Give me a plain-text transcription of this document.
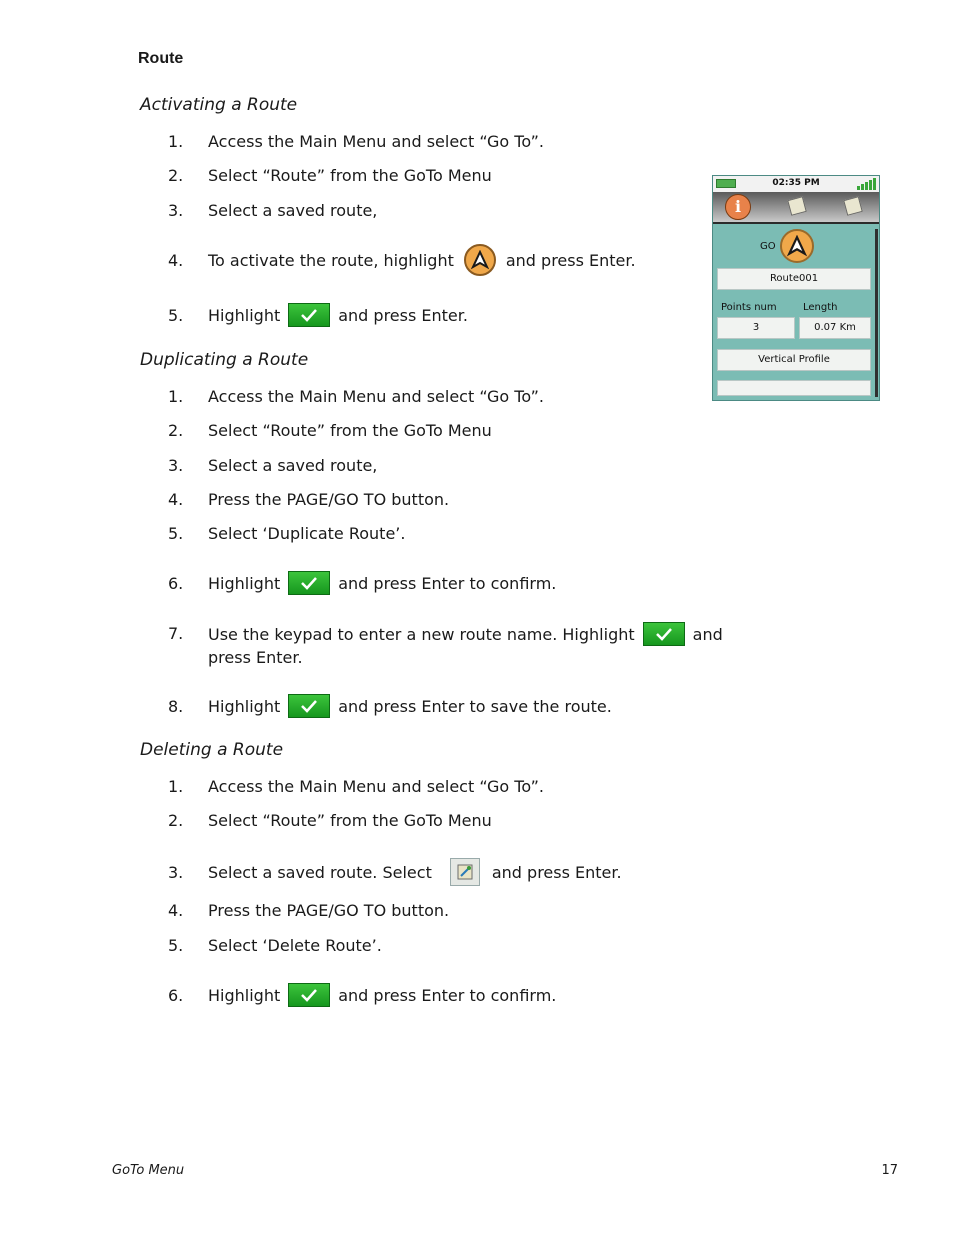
Route
Activating a Route
1.	Access the Main Menu and select “Go To”.
2.	Select “Route” from the GoTo Menu
3.	Select a saved route,
4.	To activate the route, highlight	and press Enter.
5.	Highlight	and press Enter.
Duplicating a Route
1.	Access the Main Menu and select “Go To”.
2.	Select “Route” from the GoTo Menu
3.	Select a saved route,
4.	Press the PAGE/GO TO button.
5.	Select ‘Duplicate Route’.
6.	Highlight	and press Enter to confirm.
7.	Use the keypad to enter a new route name. Highlight	and
press Enter.
8.	Highlight	and press Enter to save the route.
Deleting a Route
1.	Access the Main Menu and select “Go To”.
2.	Select “Route” from the GoTo Menu
3.	Select a saved route. Select	and press Enter.
4.	Press the PAGE/GO TO button.
5.	Select ‘Delete Route’.
6.	Highlight	and press Enter to confirm.
02:35 PM
i
GO
Route001
Points num	Length
3	0.07 Km
Vertical Profile
GoTo Menu	17
